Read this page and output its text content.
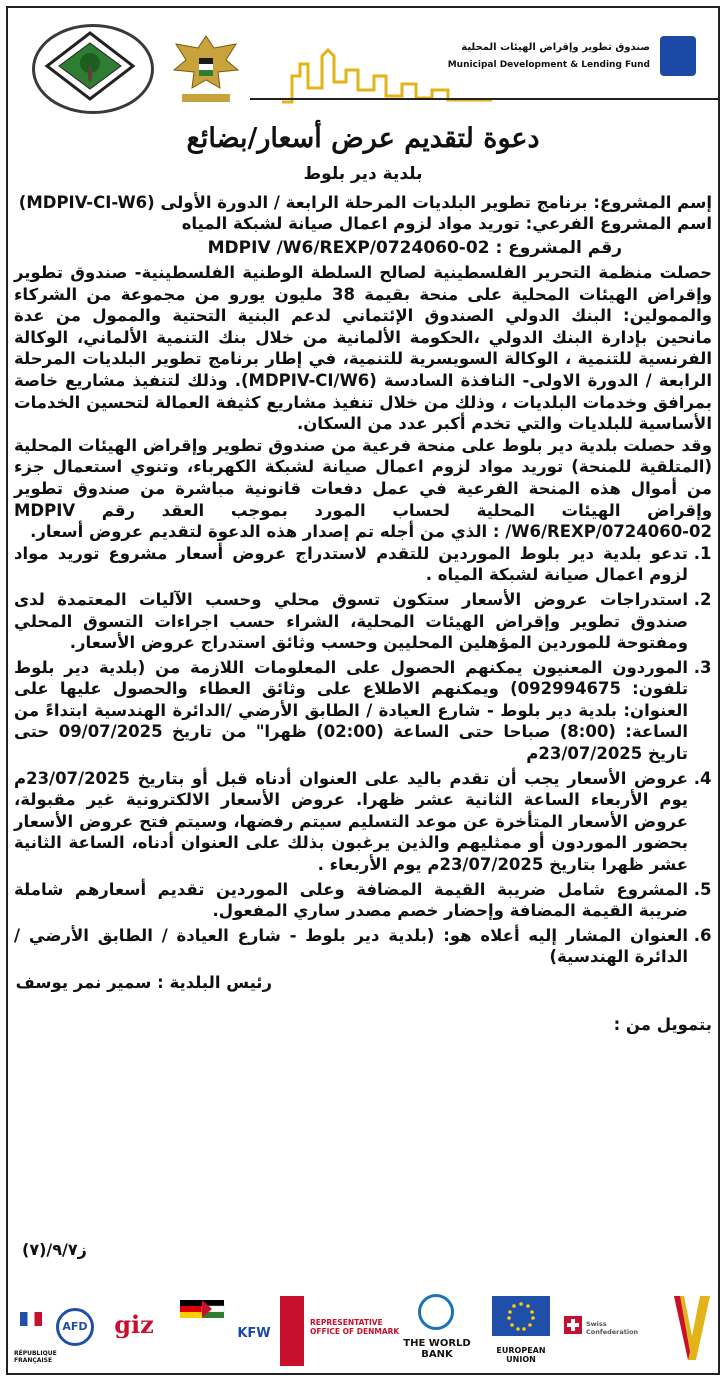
صندوق تطوير وإقراض الهيئات المحلية
Municipal Development & Lending Fund
دعوة لتقديم عرض أسعار/بضائع
بلدية دير بلوط

إسم المشروع: برنامج تطوير البلديات المرحلة الرابعة / الدورة الأولى (MDPIV-CI-W6)

اسم المشروع الفرعي: توريد مواد لزوم اعمال صيانة لشبكة المياه

رقم المشروع : MDPIV /W6/REXP/0724060-02

حصلت منظمة التحرير الفلسطينية لصالح السلطة الوطنية الفلسطينية- صندوق تطوير وإقراض الهيئات المحلية على منحة بقيمة 38 مليون يورو من مجموعة من الشركاء والممولين: البنك الدولي الصندوق الإئتماني لدعم البنية التحتية والممول من عدة مانحين بإدارة البنك الدولي ،الحكومة الألمانية من خلال بنك التنمية الألماني، الوكالة الفرنسية للتنمية ، الوكالة السويسرية للتنمية، في إطار برنامج تطوير البلديات المرحلة الرابعة / الدورة الاولى- النافذة السادسة (MDPIV-CI/W6). وذلك لتنفيذ مشاريع خاصة بمرافق وخدمات البلديات ، وذلك من خلال تنفيذ مشاريع كثيفة العمالة لتحسين الخدمات الأساسية للبلديات والتي تخدم أكبر عدد من السكان.

وقد حصلت بلدية دير بلوط على منحة فرعية من صندوق تطوير وإقراض الهيئات المحلية (المتلقية للمنحة) توريد مواد لزوم اعمال صيانة لشبكة الكهرباء، وتنوي استعمال جزء من أموال هذه المنحة الفرعية في عمل دفعات قانونية مباشرة من صندوق تطوير وإقراض الهيئات المحلية لحساب المورد بموجب العقد رقم MDPIV /W6/REXP/0724060-02 : الذي من أجله تم إصدار هذه الدعوة لتقديم عروض أسعار.

1. تدعو بلدية دير بلوط الموردين للتقدم لاستدراج عروض أسعار مشروع توريد مواد لزوم اعمال صيانة لشبكة المياه .
2. استدراجات عروض الأسعار ستكون تسوق محلي وحسب الآليات المعتمدة لدى صندوق تطوير وإقراض الهيئات المحلية، الشراء حسب اجراءات التسوق المحلي ومفتوحة للموردين المؤهلين المحليين وحسب وثائق استدراج عروض الأسعار.
3. الموردون المعنيون يمكنهم الحصول على المعلومات اللازمة من (بلدية دير بلوط تلفون: 092994675) ويمكنهم الاطلاع على وثائق العطاء والحصول عليها على العنوان: بلدية دير بلوط - شارع العيادة / الطابق الأرضي /الدائرة الهندسية ابتداءً من الساعة: (8:00) صباحا حتى الساعة (02:00) ظهرا" من تاريخ 09/07/2025 حتى تاريخ 23/07/2025م
4. عروض الأسعار يجب أن تقدم باليد على العنوان أدناه قبل أو بتاريخ 23/07/2025م يوم الأربعاء الساعة الثانية عشر ظهرا. عروض الأسعار الالكترونية غير مقبولة، عروض الأسعار المتأخرة عن موعد التسليم سيتم رفضها، وسيتم فتح عروض الأسعار بحضور الموردون أو ممثليهم والذين يرغبون بذلك على العنوان أدناه، الساعة الثانية عشر ظهرا بتاريخ 23/07/2025م يوم الأربعاء .
5. المشروع شامل ضريبة القيمة المضافة وعلى الموردين تقديم أسعارهم شاملة ضريبة القيمة المضافة وإحضار خصم مصدر ساري المفعول.
6. العنوان المشار إليه أعلاه هو: (بلدية دير بلوط - شارع العيادة / الطابق الأرضي / الدائرة الهندسية)
رئيس البلدية : سمير نمر يوسف
بتمويل من :
ز٩/٧/(٧)
RÉPUBLIQUE FRANÇAISE
AFD	giz	KFW
REPRESENTATIVE OFFICE OF DENMARK
THE WORLD BANK	EUROPEAN UNION
Swiss Confederation
